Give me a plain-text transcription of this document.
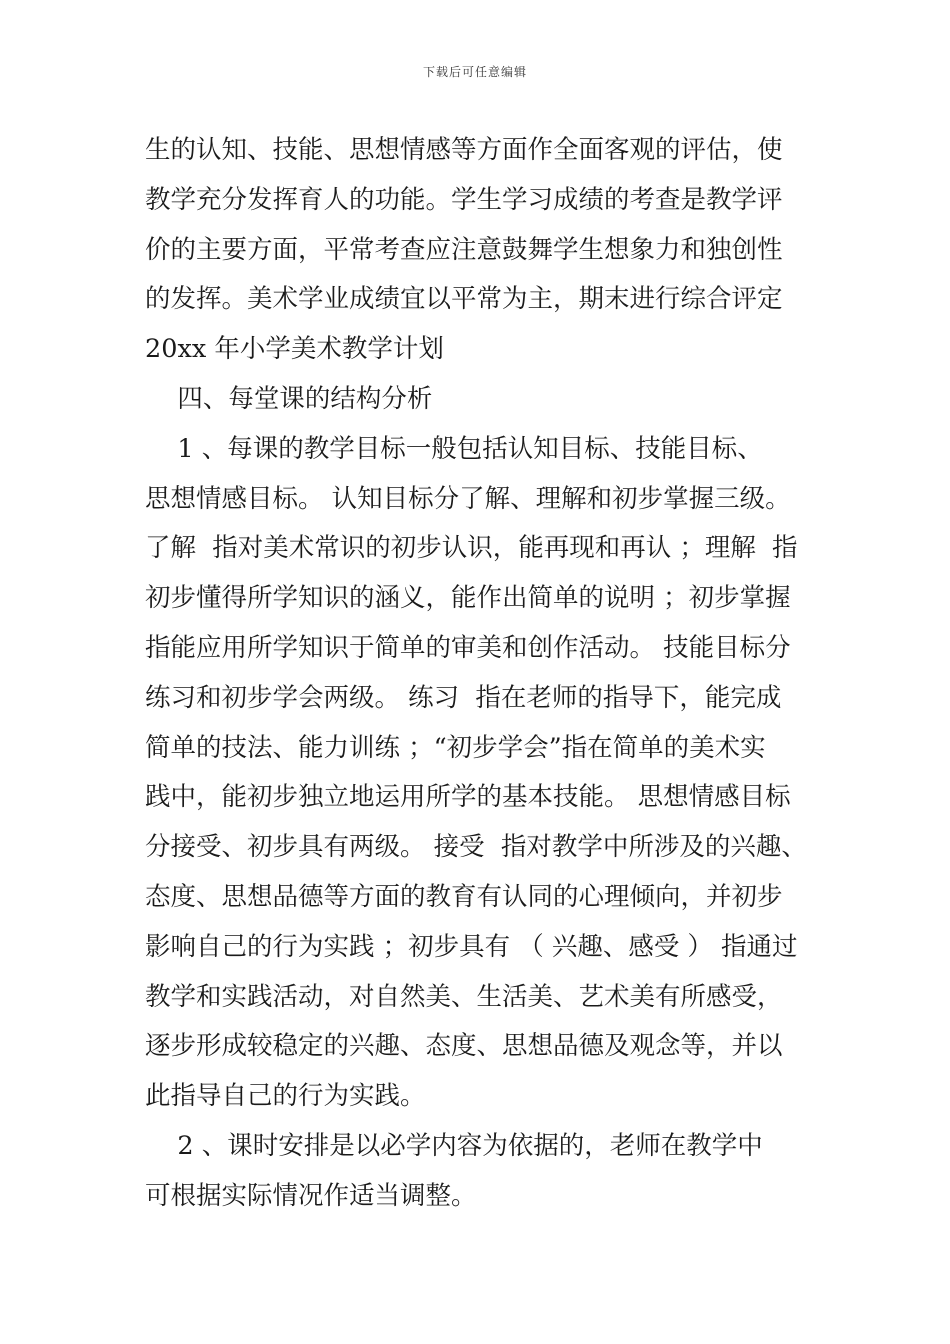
下载后可任意编辑
生的认知、技能、思想情感等方面作全面客观的评估，使
教学充分发挥育人的功能。学生学习成绩的考查是教学评
价的主要方面，平常考查应注意鼓舞学生想象力和独创性
的发挥。美术学业成绩宜以平常为主，期末进行综合评定
20xx 年小学美术教学计划
四、每堂课的结构分析
1 、每课的教学目标一般包括认知目标、技能目标、
思想情感目标。 认知目标分了解、理解和初步掌握三级。
了解  指对美术常识的初步认识，能再现和再认 ；理解  指
初步懂得所学知识的涵义，能作出简单的说明 ；初步掌握
指能应用所学知识于简单的审美和创作活动。 技能目标分
练习和初步学会两级。 练习  指在老师的指导下，能完成
简单的技法、能力训练 ；“初步学会”指在简单的美术实
践中，能初步独立地运用所学的基本技能。 思想情感目标
分接受、初步具有两级。 接受  指对教学中所涉及的兴趣、
态度、思想品德等方面的教育有认同的心理倾向，并初步
影响自己的行为实践 ；初步具有 （ 兴趣、感受 ） 指通过
教学和实践活动，对自然美、生活美、艺术美有所感受，
逐步形成较稳定的兴趣、态度、思想品德及观念等，并以
此指导自己的行为实践。
2 、课时安排是以必学内容为依据的，老师在教学中
可根据实际情况作适当调整。
